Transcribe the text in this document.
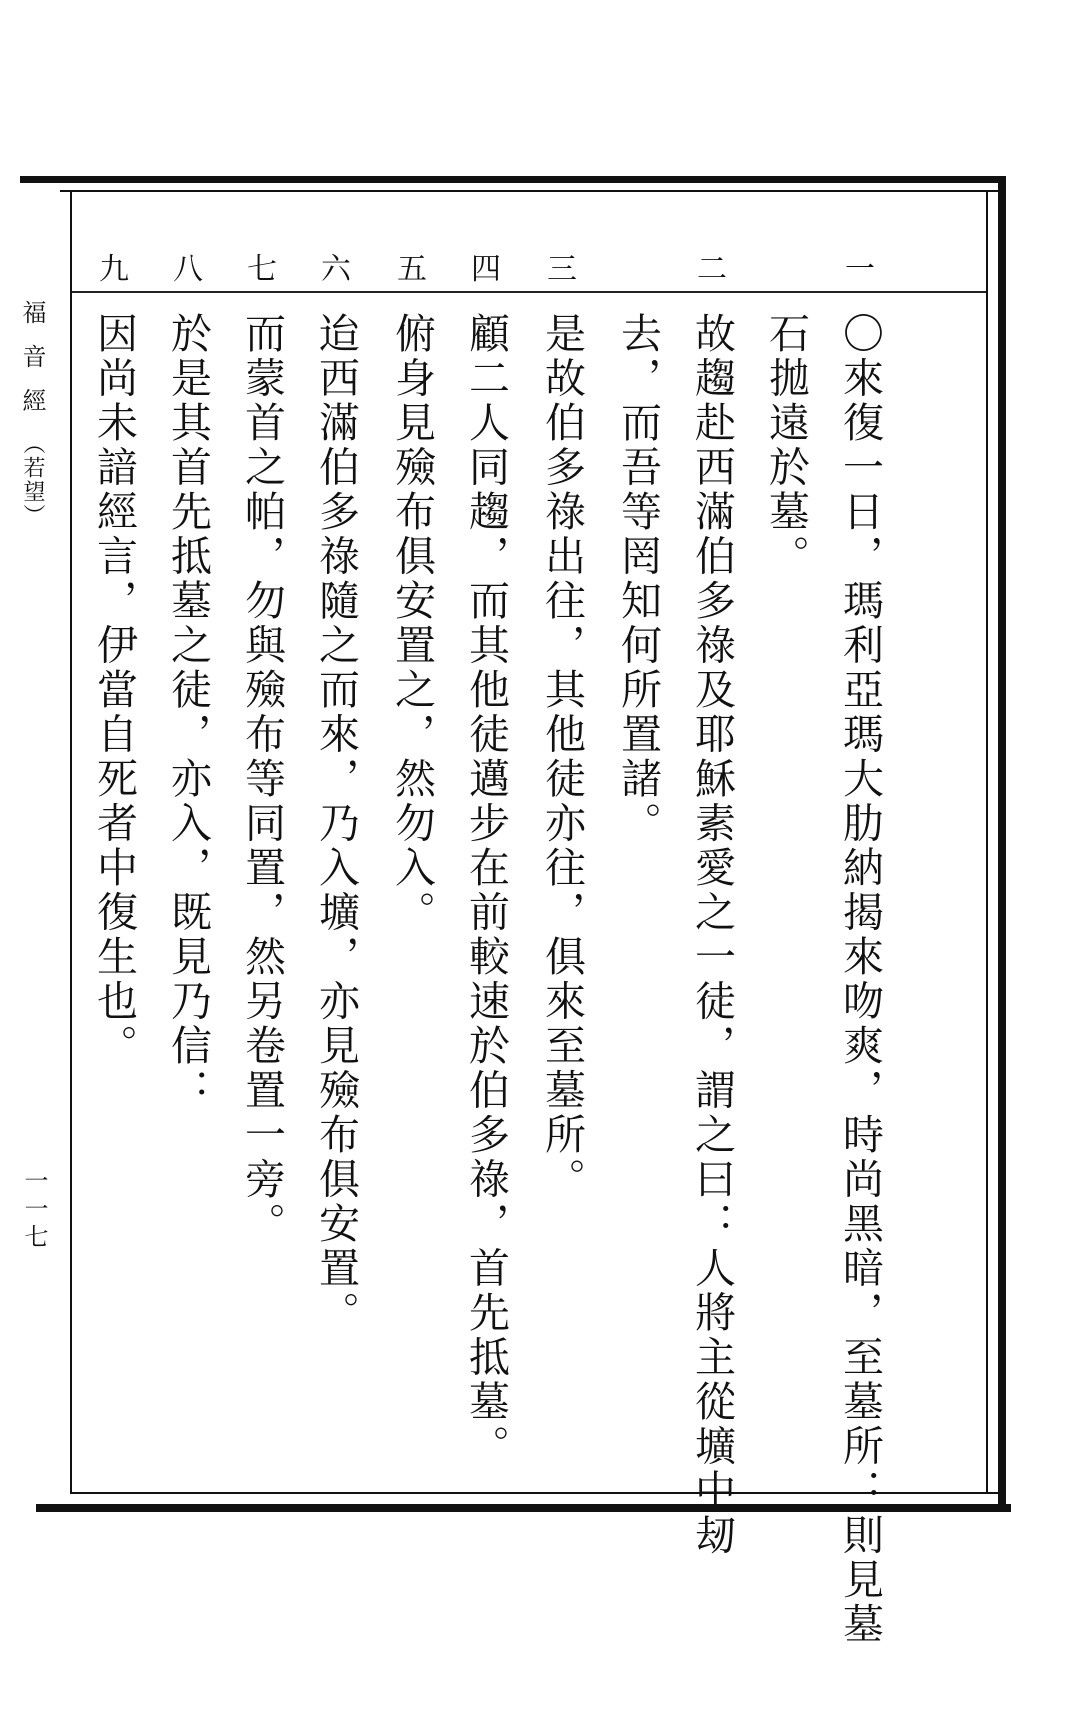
福音經（若望）
一一七
一
〇來復一日，瑪利亞瑪大肋納揭來吻爽，時尚黑暗，至墓所：則見墓
石拋遠於墓。
二
故趨赴西滿伯多祿及耶穌素愛之一徒，謂之曰：人將主從壙中刼
去，而吾等罔知何所置諸。
三
是故伯多祿出往，其他徒亦往，俱來至墓所。
四
顧二人同趨，而其他徒邁步在前較速於伯多祿，首先抵墓。
五
俯身見殮布俱安置之，然勿入。
六
迨西滿伯多祿隨之而來，乃入壙，亦見殮布俱安置。
七
而蒙首之帕，勿與殮布等同置，然另卷置一旁。
八
於是其首先抵墓之徒，亦入，既見乃信：
九
因尚未諳經言，伊當自死者中復生也。
